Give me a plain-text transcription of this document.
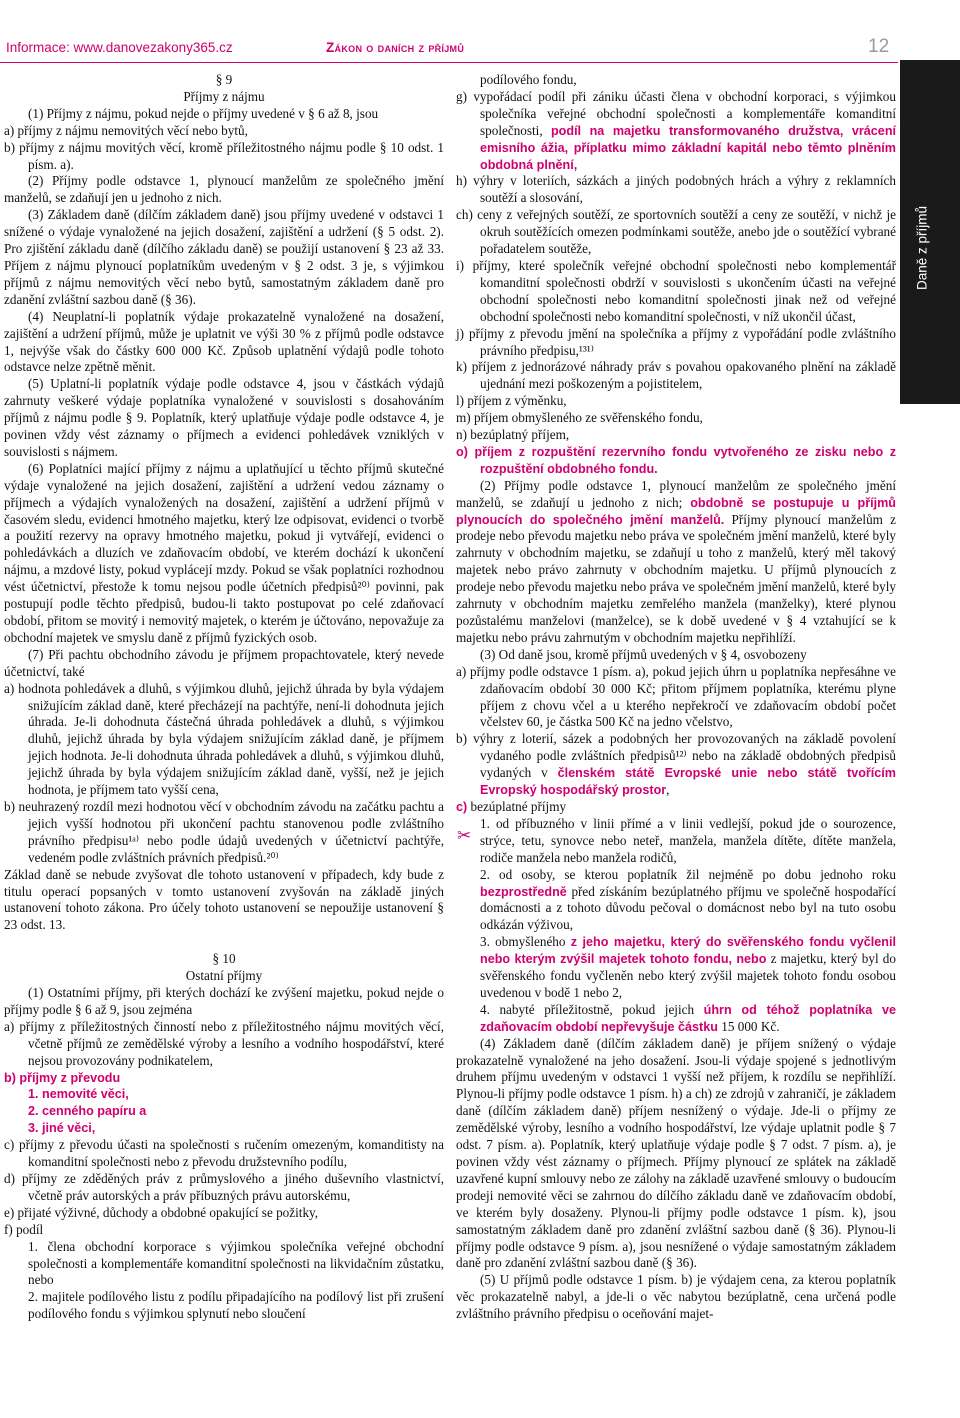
Informace: www.danovezakony365.cz	Zákon o daních z příjmů	12
Daně z příjmů
§ 9
Příjmy z nájmu
(1) Příjmy z nájmu, pokud nejde o příjmy uvedené v § 6 až 8, jsou
a) příjmy z nájmu nemovitých věcí nebo bytů,
b) příjmy z nájmu movitých věcí, kromě příležitostného nájmu podle § 10 odst. 1 písm. a).
(2) Příjmy podle odstavce 1, plynoucí manželům ze společného jmění manželů, se zdaňují jen u jednoho z nich.
(3) Základem daně (dílčím základem daně) jsou příjmy uvedené v odstavci 1 snížené o výdaje vynaložené na jejich dosažení, zajištění a udržení (§ 5 odst. 2). Pro zjištění základu daně (dílčího základu daně) se použijí ustanovení § 23 až 33. Příjem z nájmu plynoucí poplatníkům uvedeným v § 2 odst. 3 je, s výjimkou příjmů z nájmu nemovitých věcí nebo bytů, samostatným základem daně pro zdanění zvláštní sazbou daně (§ 36).
(4) Neuplatní-li poplatník výdaje prokazatelně vynaložené na dosažení, zajištění a udržení příjmů, může je uplatnit ve výši 30 % z příjmů podle odstavce 1, nejvýše však do částky 600 000 Kč. Způsob uplatnění výdajů podle tohoto odstavce nelze zpětně měnit.
(5) Uplatní-li poplatník výdaje podle odstavce 4, jsou v částkách výdajů zahrnuty veškeré výdaje poplatníka vynaložené v souvislosti s dosahováním příjmů z nájmu podle § 9. Poplatník, který uplatňuje výdaje podle odstavce 4, je povinen vždy vést záznamy o příjmech a evidenci pohledávek vzniklých v souvislosti s nájmem.
(6) Poplatníci mající příjmy z nájmu a uplatňující u těchto příjmů skutečné výdaje vynaložené na jejich dosažení, zajištění a udržení vedou záznamy o příjmech a výdajích vynaložených na dosažení, zajištění a udržení příjmů v časovém sledu, evidenci hmotného majetku, který lze odpisovat, evidenci o tvorbě a použití rezervy na opravy hmotného majetku, pokud ji vytvářejí, evidenci o pohledávkách a dluzích ve zdaňovacím období, ve kterém dochází k ukončení nájmu, a mzdové listy, pokud vyplácejí mzdy. Pokud se však poplatníci rozhodnou vést účetnictví, přestože k tomu nejsou podle účetních předpisů²⁰⁾ povinni, pak postupují podle těchto předpisů, budou-li takto postupovat po celé zdaňovací období, přitom se movitý i nemovitý majetek, o kterém je účtováno, nepovažuje za obchodní majetek ve smyslu daně z příjmů fyzických osob.
(7) Při pachtu obchodního závodu je příjmem propachtovatele, který nevede účetnictví, také
a) hodnota pohledávek a dluhů, s výjimkou dluhů, jejichž úhrada by byla výdajem snižujícím základ daně, které přecházejí na pachtýře, není-li dohodnuta jejich úhrada. Je-li dohodnuta částečná úhrada pohledávek a dluhů, s výjimkou dluhů, jejichž úhrada by byla výdajem snižujícím základ daně, je příjmem jejich hodnota. Je-li dohodnuta úhrada pohledávek a dluhů, s výjimkou dluhů, jejichž úhrada by byla výdajem snižujícím základ daně, vyšší, než je jejich hodnota, je příjmem tato vyšší cena,
b) neuhrazený rozdíl mezi hodnotou věcí v obchodním závodu na začátku pachtu a jejich vyšší hodnotou při ukončení pachtu stanovenou podle zvláštního právního předpisu¹ᵃ⁾ nebo podle údajů uvedených v účetnictví pachtýře, vedeném podle zvláštních právních předpisů.²⁰⁾
Základ daně se nebude zvyšovat dle tohoto ustanovení v případech, kdy bude z titulu operací popsaných v tomto ustanovení zvyšován na základě jiných ustanovení tohoto zákona. Pro účely tohoto ustanovení se nepoužije ustanovení § 23 odst. 13.
§ 10
Ostatní příjmy
(1) Ostatními příjmy, při kterých dochází ke zvýšení majetku, pokud nejde o příjmy podle § 6 až 9, jsou zejména
a) příjmy z příležitostných činností nebo z příležitostného nájmu movitých věcí, včetně příjmů ze zemědělské výroby a lesního a vodního hospodářství, které nejsou provozovány podnikatelem,
b) příjmy z převodu
1. nemovité věci,
2. cenného papíru a
3. jiné věci,
c) příjmy z převodu účasti na společnosti s ručením omezeným, komanditisty na komanditní společnosti nebo z převodu družstevního podílu,
d) příjmy ze zděděných práv z průmyslového a jiného duševního vlastnictví, včetně práv autorských a práv příbuzných právu autorskému,
e) přijaté výživné, důchody a obdobné opakující se požitky,
f) podíl
1. člena obchodní korporace s výjimkou společníka veřejné obchodní společnosti a komplementáře komanditní společnosti na likvidačním zůstatku, nebo
2. majitele podílového listu z podílu připadajícího na podílový list při zrušení podílového fondu s výjimkou splynutí nebo sloučení
podílového fondu,
g) vypořádací podíl při zániku účasti člena v obchodní korporaci, s výjimkou společníka veřejné obchodní společnosti a komplementáře komanditní společnosti, podíl na majetku transformovaného družstva, vrácení emisního ážia, příplatku mimo základní kapitál nebo těmto plněním obdobná plnění,
h) výhry v loteriích, sázkách a jiných podobných hrách a výhry z reklamních soutěží a slosování,
ch) ceny z veřejných soutěží, ze sportovních soutěží a ceny ze soutěží, v nichž je okruh soutěžících omezen podmínkami soutěže, anebo jde o soutěžící vybrané pořadatelem soutěže,
i) příjmy, které společník veřejné obchodní společnosti nebo komplementář komanditní společnosti obdrží v souvislosti s ukončením účasti na veřejné obchodní společnosti nebo komanditní společnosti jinak než od veřejné obchodní společnosti nebo komanditní společnosti, v níž ukončil účast,
j) příjmy z převodu jmění na společníka a příjmy z vypořádání podle zvláštního právního předpisu,¹³¹⁾
k) příjem z jednorázové náhrady práv s povahou opakovaného plnění na základě ujednání mezi poškozeným a pojistitelem,
l) příjem z výměnku,
m) příjem obmyšleného ze svěřenského fondu,
n) bezúplatný příjem,
o) příjem z rozpuštění rezervního fondu vytvořeného ze zisku nebo z rozpuštění obdobného fondu.
(2) Příjmy podle odstavce 1, plynoucí manželům ze společného jmění manželů, se zdaňují u jednoho z nich; obdobně se postupuje u příjmů plynoucích do společného jmění manželů. Příjmy plynoucí manželům z prodeje nebo převodu majetku nebo práva ve společném jmění manželů, které byly zahrnuty v obchodním majetku, se zdaňují u toho z manželů, který měl takový majetek nebo právo zahrnuty v obchodním majetku. U příjmů plynoucích z prodeje nebo převodu majetku nebo práva ve společném jmění manželů, které byly zahrnuty v obchodním majetku zemřelého manžela (manželky), které plynou pozůstalému manželovi (manželce), se k době uvedené v § 4 vztahující se k majetku nebo právu zahrnutým v obchodním majetku nepřihlíží.
(3) Od daně jsou, kromě příjmů uvedených v § 4, osvobozeny
a) příjmy podle odstavce 1 písm. a), pokud jejich úhrn u poplatníka nepřesáhne ve zdaňovacím období 30 000 Kč; přitom příjmem poplatníka, kterému plyne příjem z chovu včel a u kterého nepřekročí ve zdaňovacím období počet včelstev 60, je částka 500 Kč na jedno včelstvo,
b) výhry z loterií, sázek a podobných her provozovaných na základě povolení vydaného podle zvláštních předpisů¹²⁾ nebo na základě obdobných předpisů vydaných v členském státě Evropské unie nebo státě tvořícím Evropský hospodářský prostor,
c) bezúplatné příjmy
1. od příbuzného v linii přímé a v linii vedlejší, pokud jde o sourozence, strýce, tetu, synovce nebo neteř, manžela, manžela dítěte, dítěte manžela, rodiče manžela nebo manžela rodičů,
2. od osoby, se kterou poplatník žil nejméně po dobu jednoho roku bezprostředně před získáním bezúplatného příjmu ve společně hospodařící domácnosti a z tohoto důvodu pečoval o domácnost nebo byl na tuto osobu odkázán výživou,
3. obmyšleného z jeho majetku, který do svěřenského fondu vyčlenil nebo kterým zvýšil majetek tohoto fondu, nebo z majetku, který byl do svěřenského fondu vyčleněn nebo který zvýšil majetek tohoto fondu osobou uvedenou v bodě 1 nebo 2,
4. nabyté příležitostně, pokud jejich úhrn od téhož poplatníka ve zdaňovacím období nepřevyšuje částku 15 000 Kč.
(4) Základem daně (dílčím základem daně) je příjem snížený o výdaje prokazatelně vynaložené na jeho dosažení. Jsou-li výdaje spojené s jednotlivým druhem příjmu uvedeným v odstavci 1 vyšší než příjem, k rozdílu se nepřihlíží. Plynou-li příjmy podle odstavce 1 písm. h) a ch) ze zdrojů v zahraničí, je základem daně (dílčím základem daně) příjem nesnížený o výdaje. Jde-li o příjmy ze zemědělské výroby, lesního a vodního hospodářství, lze výdaje uplatnit podle § 7 odst. 7 písm. a). Poplatník, který uplatňuje výdaje podle § 7 odst. 7 písm. a), je povinen vždy vést záznamy o příjmech. Příjmy plynoucí ze splátek na základě uzavřené kupní smlouvy nebo ze zálohy na základě uzavřené smlouvy o budoucím prodeji nemovité věci se zahrnou do dílčího základu daně ve zdaňovacím období, ve kterém byly dosaženy. Plynou-li příjmy podle odstavce 1 písm. k), jsou samostatným základem daně pro zdanění zvláštní sazbou daně (§ 36). Plynou-li příjmy podle odstavce 9 písm. a), jsou nesnížené o výdaje samostatným základem daně pro zdanění zvláštní sazbou daně (§ 36).
(5) U příjmů podle odstavce 1 písm. b) je výdajem cena, za kterou poplatník věc prokazatelně nabyl, a jde-li o věc nabytou bezúplatně, cena určená podle zvláštního právního předpisu o oceňování majet-
✂
